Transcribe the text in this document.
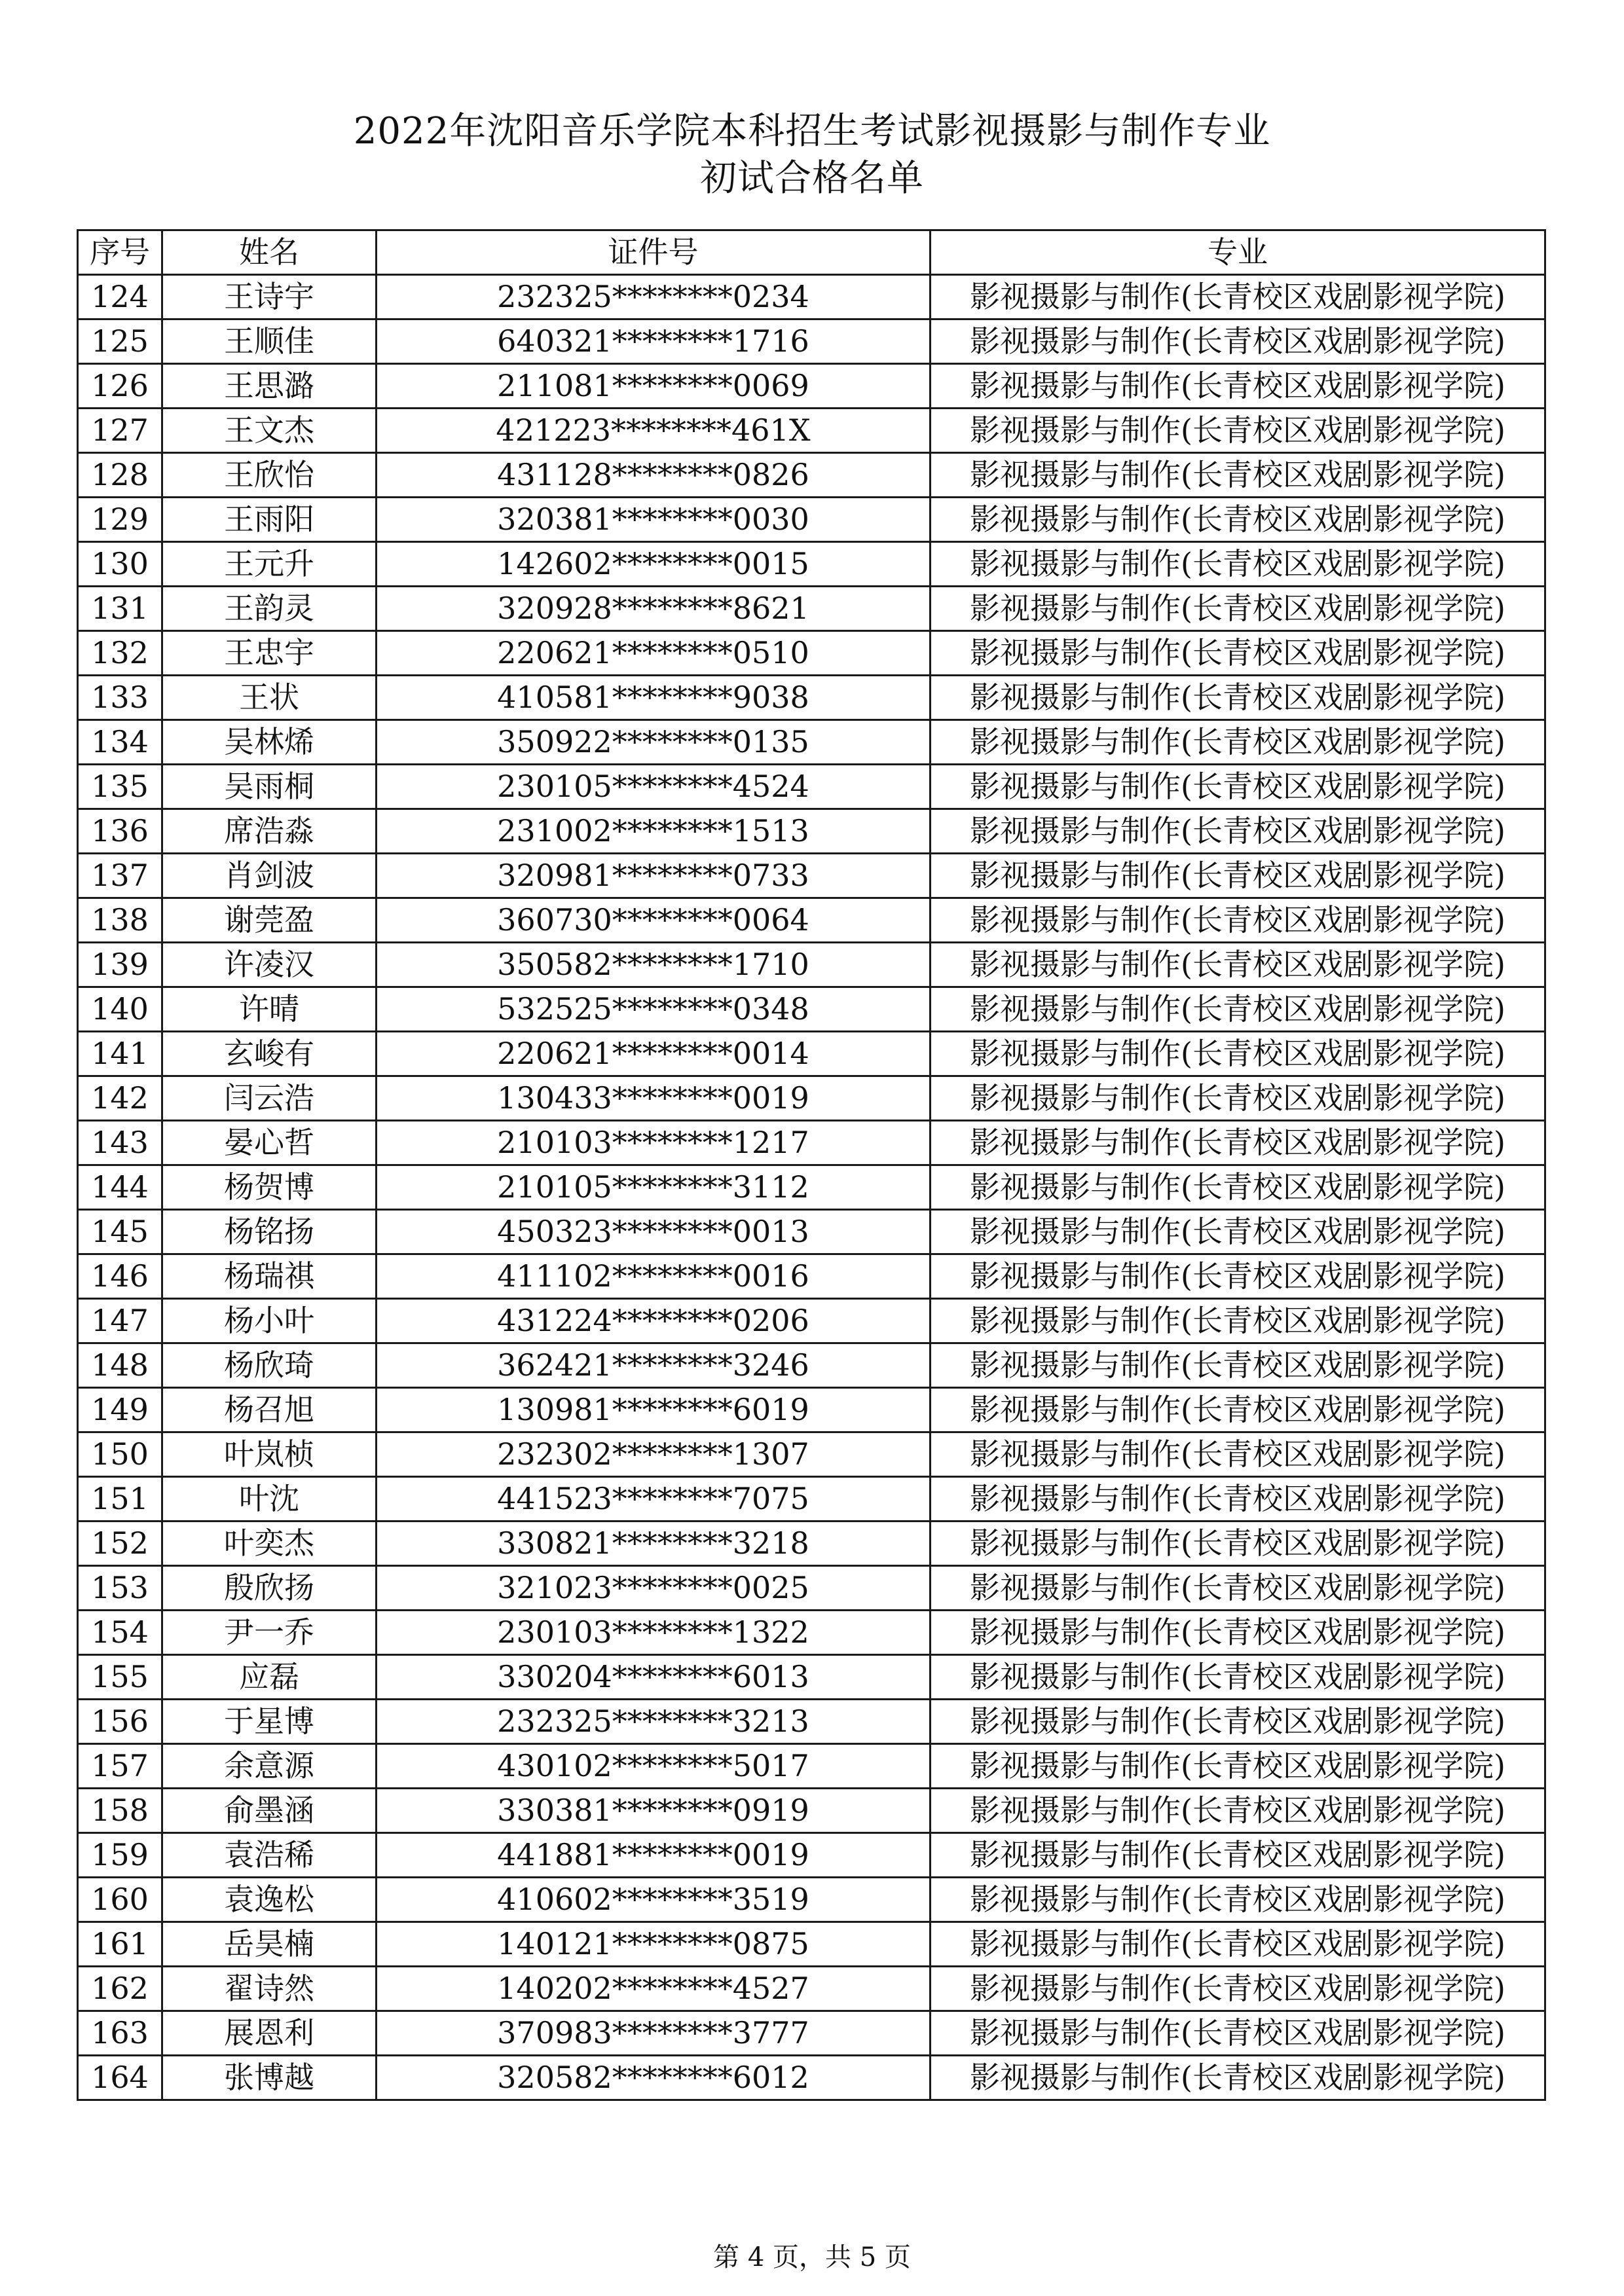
2022年沈阳音乐学院本科招生考试影视摄影与制作专业
初试合格名单
序号	姓名	证件号	专业
124	王诗宇	232325********0234	影视摄影与制作(长青校区戏剧影视学院)
125	王顺佳	640321********1716	影视摄影与制作(长青校区戏剧影视学院)
126	王思潞	211081********0069	影视摄影与制作(长青校区戏剧影视学院)
127	王文杰	421223********461X	影视摄影与制作(长青校区戏剧影视学院)
128	王欣怡	431128********0826	影视摄影与制作(长青校区戏剧影视学院)
129	王雨阳	320381********0030	影视摄影与制作(长青校区戏剧影视学院)
130	王元升	142602********0015	影视摄影与制作(长青校区戏剧影视学院)
131	王韵灵	320928********8621	影视摄影与制作(长青校区戏剧影视学院)
132	王忠宇	220621********0510	影视摄影与制作(长青校区戏剧影视学院)
133	王状	410581********9038	影视摄影与制作(长青校区戏剧影视学院)
134	吴林烯	350922********0135	影视摄影与制作(长青校区戏剧影视学院)
135	吴雨桐	230105********4524	影视摄影与制作(长青校区戏剧影视学院)
136	席浩淼	231002********1513	影视摄影与制作(长青校区戏剧影视学院)
137	肖剑波	320981********0733	影视摄影与制作(长青校区戏剧影视学院)
138	谢莞盈	360730********0064	影视摄影与制作(长青校区戏剧影视学院)
139	许凌汉	350582********1710	影视摄影与制作(长青校区戏剧影视学院)
140	许晴	532525********0348	影视摄影与制作(长青校区戏剧影视学院)
141	玄峻有	220621********0014	影视摄影与制作(长青校区戏剧影视学院)
142	闫云浩	130433********0019	影视摄影与制作(长青校区戏剧影视学院)
143	晏心哲	210103********1217	影视摄影与制作(长青校区戏剧影视学院)
144	杨贺博	210105********3112	影视摄影与制作(长青校区戏剧影视学院)
145	杨铭扬	450323********0013	影视摄影与制作(长青校区戏剧影视学院)
146	杨瑞祺	411102********0016	影视摄影与制作(长青校区戏剧影视学院)
147	杨小叶	431224********0206	影视摄影与制作(长青校区戏剧影视学院)
148	杨欣琦	362421********3246	影视摄影与制作(长青校区戏剧影视学院)
149	杨召旭	130981********6019	影视摄影与制作(长青校区戏剧影视学院)
150	叶岚桢	232302********1307	影视摄影与制作(长青校区戏剧影视学院)
151	叶沈	441523********7075	影视摄影与制作(长青校区戏剧影视学院)
152	叶奕杰	330821********3218	影视摄影与制作(长青校区戏剧影视学院)
153	殷欣扬	321023********0025	影视摄影与制作(长青校区戏剧影视学院)
154	尹一乔	230103********1322	影视摄影与制作(长青校区戏剧影视学院)
155	应磊	330204********6013	影视摄影与制作(长青校区戏剧影视学院)
156	于星博	232325********3213	影视摄影与制作(长青校区戏剧影视学院)
157	余意源	430102********5017	影视摄影与制作(长青校区戏剧影视学院)
158	俞墨涵	330381********0919	影视摄影与制作(长青校区戏剧影视学院)
159	袁浩稀	441881********0019	影视摄影与制作(长青校区戏剧影视学院)
160	袁逸松	410602********3519	影视摄影与制作(长青校区戏剧影视学院)
161	岳昊楠	140121********0875	影视摄影与制作(长青校区戏剧影视学院)
162	翟诗然	140202********4527	影视摄影与制作(长青校区戏剧影视学院)
163	展恩利	370983********3777	影视摄影与制作(长青校区戏剧影视学院)
164	张博越	320582********6012	影视摄影与制作(长青校区戏剧影视学院)
第 4 页，共 5 页
